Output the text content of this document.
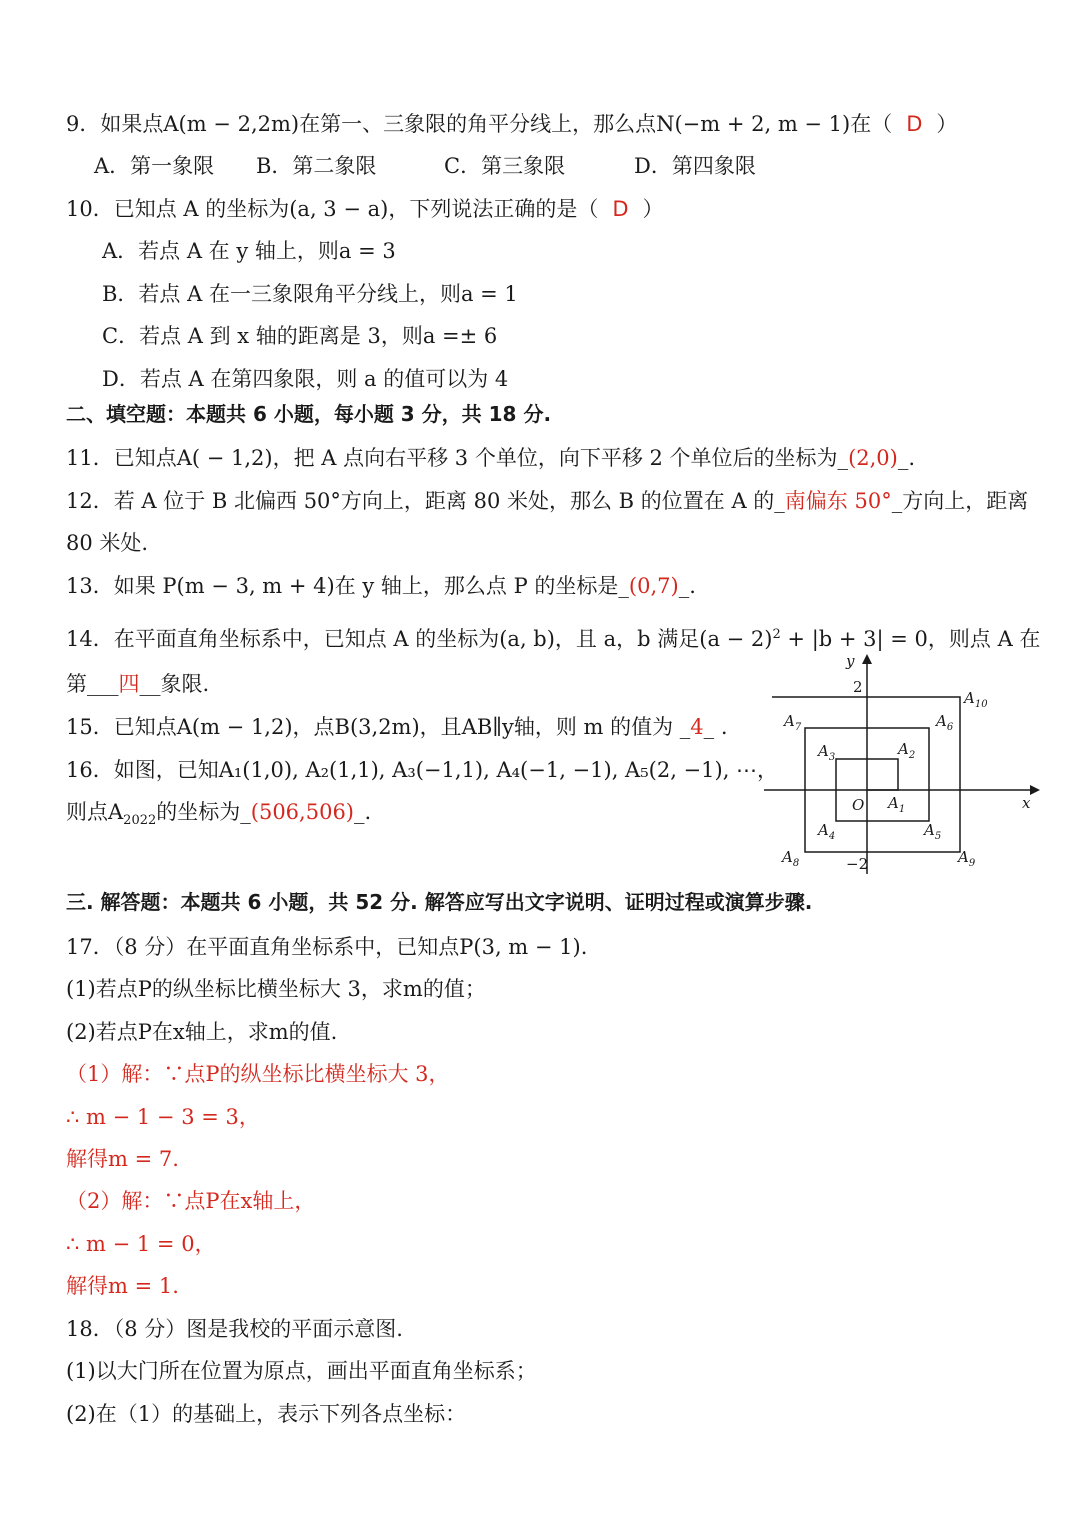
9．如果点A(m − 2,2m)在第一、三象限的角平分线上，那么点N(−m + 2, m − 1)在（ D ）
A．第一象限 B．第二象限	C．第三象限	D．第四象限
10．已知点 A 的坐标为(a, 3 − a)，下列说法正确的是（ D ）
A．若点 A 在 y 轴上，则a = 3
B．若点 A 在一三象限角平分线上，则a = 1
C．若点 A 到 x 轴的距离是 3，则a =± 6
D．若点 A 在第四象限，则 a 的值可以为 4
二、填空题：本题共 6 小题，每小题 3 分，共 18 分.
11．已知点A( − 1,2)，把 A 点向右平移 3 个单位，向下平移 2 个单位后的坐标为_(2,0)_.
12．若 A 位于 B 北偏西 50°方向上，距离 80 米处，那么 B 的位置在 A 的_南偏东 50°_方向上，距离
80 米处.
13．如果 P(m − 3, m + 4)在 y 轴上，那么点 P 的坐标是_(0,7)_.
14．在平面直角坐标系中，已知点 A 的坐标为(a, b)，且 a，b 满足$(a - 2)^2 + |b + 3| = 0$，则点 A 在
第___四__象限.
15．已知点A(m − 1,2)，点B(3,2m)，且AB∥y轴，则 m 的值为 _4_ .
16．如图，已知A₁(1,0), A₂(1,1), A₃(−1,1), A₄(−1, −1), A₅(2, −1), ⋯，
则点$A_{2022}$的坐标为_(506,506)_.	x
y
O
2
−2
$A_1$
$A_2$
$A_3$
$A_4$	$A_5$
$A_6$
$A_7$
$A_8$	$A_9$
$A_{10}$
三. 解答题：本题共 6 小题，共 52 分. 解答应写出文字说明、证明过程或演算步骤.
17．（8 分）在平面直角坐标系中，已知点P(3, m − 1).
(1)若点P的纵坐标比横坐标大 3，求m的值；
(2)若点P在x轴上，求m的值.
（1）解：∵点P的纵坐标比横坐标大 3，
∴ m − 1 − 3 = 3，
解得m = 7.
（2）解：∵点P在x轴上，
∴ m − 1 = 0，
解得m = 1.
18．（8 分）图是我校的平面示意图.
(1)以大门所在位置为原点，画出平面直角坐标系；
(2)在（1）的基础上，表示下列各点坐标：
